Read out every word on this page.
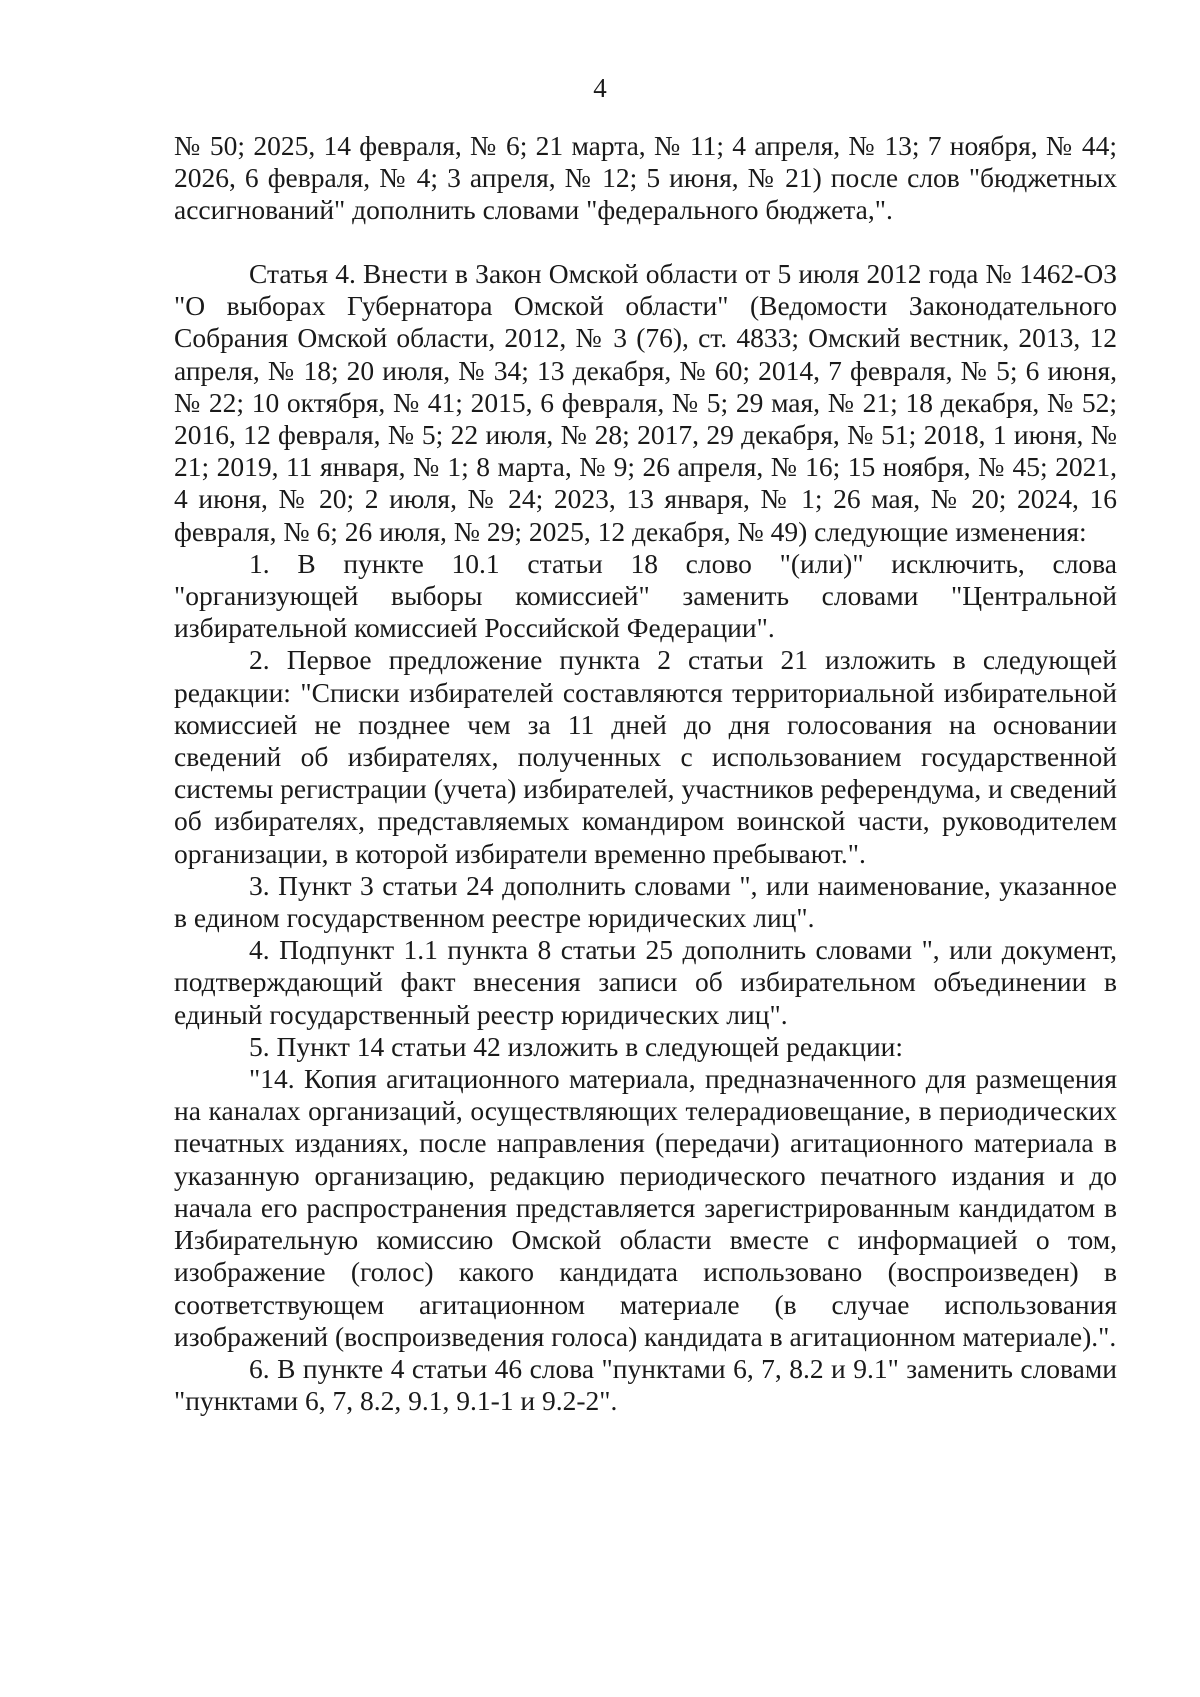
4

№ 50; 2025, 14 февраля, № 6; 21 марта, № 11; 4 апреля, № 13; 7 ноября, № 44; 2026, 6 февраля, № 4; 3 апреля, № 12; 5 июня, № 21) после слов "бюджетных ассигнований" дополнить словами "федерального бюджета,".

Статья 4. Внести в Закон Омской области от 5 июля 2012 года № 1462-ОЗ "О выборах Губернатора Омской области" (Ведомости Законодательного Собрания Омской области, 2012, № 3 (76), ст. 4833; Омский вестник, 2013, 12 апреля, № 18; 20 июля, № 34; 13 декабря, № 60; 2014, 7 февраля, № 5; 6 июня, № 22; 10 октября, № 41; 2015, 6 февраля, № 5; 29 мая, № 21; 18 декабря, № 52; 2016, 12 февраля, № 5; 22 июля, № 28; 2017, 29 декабря, № 51; 2018, 1 июня, № 21; 2019, 11 января, № 1; 8 марта, № 9; 26 апреля, № 16; 15 ноября, № 45; 2021, 4 июня, № 20; 2 июля, № 24; 2023, 13 января, № 1; 26 мая, № 20; 2024, 16 февраля, № 6; 26 июля, № 29; 2025, 12 декабря, № 49) следующие изменения:

1. В пункте 10.1 статьи 18 слово "(или)" исключить, слова "организующей выборы комиссией" заменить словами "Центральной избирательной комиссией Российской Федерации".

2. Первое предложение пункта 2 статьи 21 изложить в следующей редакции: "Списки избирателей составляются территориальной избирательной комиссией не позднее чем за 11 дней до дня голосования на основании сведений об избирателях, полученных с использованием государственной системы регистрации (учета) избирателей, участников референдума, и сведений об избирателях, представляемых командиром воинской части, руководителем организации, в которой избиратели временно пребывают.".

3. Пункт 3 статьи 24 дополнить словами ", или наименование, указанное в едином государственном реестре юридических лиц".

4. Подпункт 1.1 пункта 8 статьи 25 дополнить словами ", или документ, подтверждающий факт внесения записи об избирательном объединении в единый государственный реестр юридических лиц".

5. Пункт 14 статьи 42 изложить в следующей редакции:

"14. Копия агитационного материала, предназначенного для размещения на каналах организаций, осуществляющих телерадиовещание, в периодических печатных изданиях, после направления (передачи) агитационного материала в указанную организацию, редакцию периодического печатного издания и до начала его распространения представляется зарегистрированным кандидатом в Избирательную комиссию Омской области вместе с информацией о том, изображение (голос) какого кандидата использовано (воспроизведен) в соответствующем агитационном материале (в случае использования изображений (воспроизведения голоса) кандидата в агитационном материале).".

6. В пункте 4 статьи 46 слова "пунктами 6, 7, 8.2 и 9.1" заменить словами "пунктами 6, 7, 8.2, 9.1, 9.1-1 и 9.2-2".
